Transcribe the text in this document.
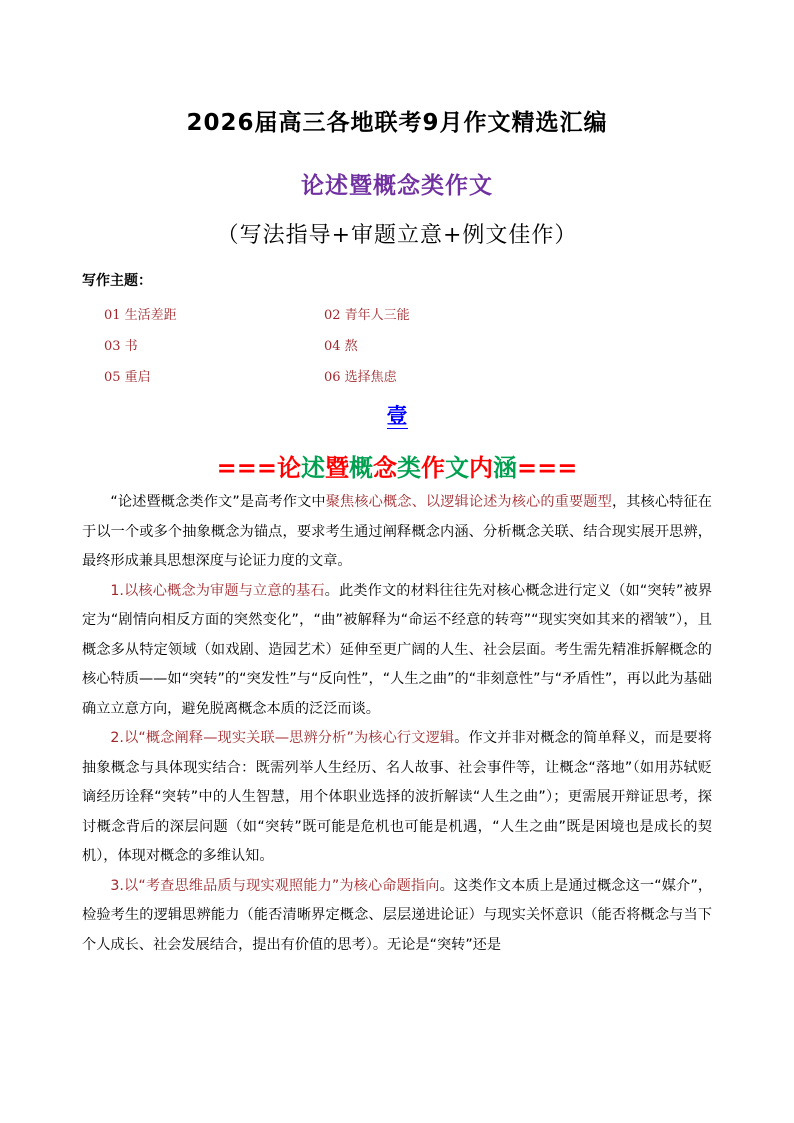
2026届高三各地联考9月作文精选汇编
论述暨概念类作文
（写法指导+审题立意+例文佳作）
写作主题：
01 生活差距	02 青年人三能
03 书	04 熬
05 重启	06 选择焦虑
壹
===论述暨概念类作文内涵===

“论述暨概念类作文”是高考作文中聚焦核心概念、以逻辑论述为核心的重要题型，其核心特征在于以一个或多个抽象概念为锚点，要求考生通过阐释概念内涵、分析概念关联、结合现实展开思辨，最终形成兼具思想深度与论证力度的文章。

1.以核心概念为审题与立意的基石。此类作文的材料往往先对核心概念进行定义（如“突转”被界定为“剧情向相反方面的突然变化”，“曲”被解释为“命运不经意的转弯”“现实突如其来的褶皱”），且概念多从特定领域（如戏剧、造园艺术）延伸至更广阔的人生、社会层面。考生需先精准拆解概念的核心特质——如“突转”的“突发性”与“反向性”，“人生之曲”的“非刻意性”与“矛盾性”，再以此为基础确立立意方向，避免脱离概念本质的泛泛而谈。

2.以“概念阐释—现实关联—思辨分析”为核心行文逻辑。作文并非对概念的简单释义，而是要将抽象概念与具体现实结合：既需列举人生经历、名人故事、社会事件等，让概念“落地”（如用苏轼贬谪经历诠释“突转”中的人生智慧，用个体职业选择的波折解读“人生之曲”）；更需展开辩证思考，探讨概念背后的深层问题（如“突转”既可能是危机也可能是机遇，“人生之曲”既是困境也是成长的契机），体现对概念的多维认知。

3.以“考查思维品质与现实观照能力”为核心命题指向。这类作文本质上是通过概念这一“媒介”，检验考生的逻辑思辨能力（能否清晰界定概念、层层递进论证）与现实关怀意识（能否将概念与当下个人成长、社会发展结合，提出有价值的思考）。无论是“突转”还是
